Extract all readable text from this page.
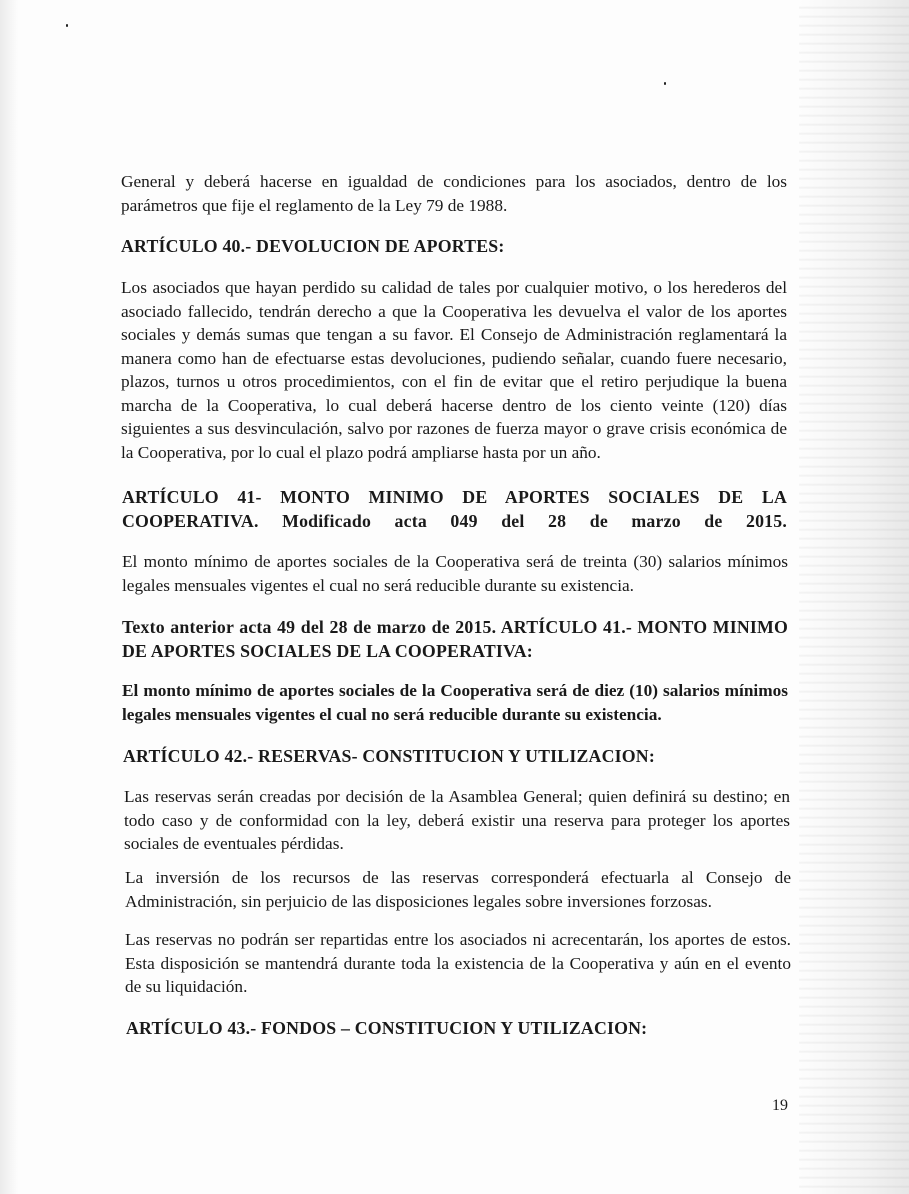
General y deberá hacerse en igualdad de condiciones para los asociados, dentro de los parámetros que fije el reglamento de la Ley 79 de 1988.
ARTÍCULO 40.- DEVOLUCION DE APORTES:
Los asociados que hayan perdido su calidad de tales por cualquier motivo, o los herederos del asociado fallecido, tendrán derecho a que la Cooperativa les devuelva el valor de los aportes sociales y demás sumas que tengan a su favor. El Consejo de Administración reglamentará la manera como han de efectuarse estas devoluciones, pudiendo señalar, cuando fuere necesario, plazos, turnos u otros procedimientos, con el fin de evitar que el retiro perjudique la buena marcha de la Cooperativa, lo cual deberá hacerse dentro de los ciento veinte (120) días siguientes a sus desvinculación, salvo por razones de fuerza mayor o grave crisis económica de la Cooperativa, por lo cual el plazo podrá ampliarse hasta por un año.
ARTÍCULO 41- MONTO MINIMO DE APORTES SOCIALES DE LA COOPERATIVA. Modificado acta 049 del 28 de marzo de 2015.
El monto mínimo de aportes sociales de la Cooperativa será de treinta (30) salarios mínimos legales mensuales vigentes el cual no será reducible durante su existencia.
Texto anterior acta 49 del 28 de marzo de 2015. ARTÍCULO 41.- MONTO MINIMO DE APORTES SOCIALES DE LA COOPERATIVA:
El monto mínimo de aportes sociales de la Cooperativa será de diez (10) salarios mínimos legales mensuales vigentes el cual no será reducible durante su existencia.
ARTÍCULO 42.- RESERVAS- CONSTITUCION Y UTILIZACION:
Las reservas serán creadas por decisión de la Asamblea General; quien definirá su destino; en todo caso y de conformidad con la ley, deberá existir una reserva para proteger los aportes sociales de eventuales pérdidas.
La inversión de los recursos de las reservas corresponderá efectuarla al Consejo de Administración, sin perjuicio de las disposiciones legales sobre inversiones forzosas.
Las reservas no podrán ser repartidas entre los asociados ni acrecentarán, los aportes de estos. Esta disposición se mantendrá durante toda la existencia de la Cooperativa y aún en el evento de su liquidación.
ARTÍCULO 43.- FONDOS – CONSTITUCION Y UTILIZACION:
19
